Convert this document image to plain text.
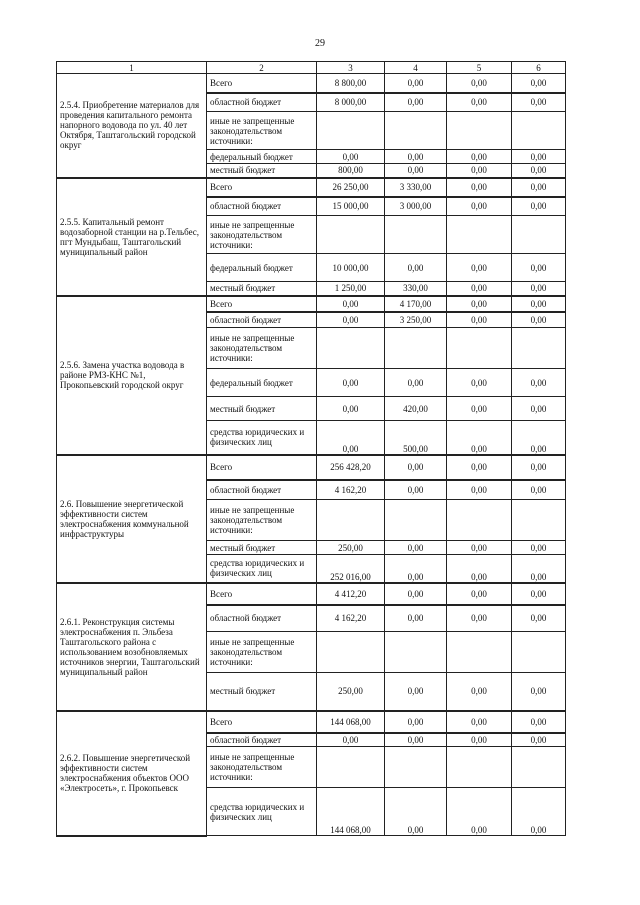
29
1	2	3	4	5	6
2.5.4. Приобретение материалов для проведения капитального ремонта напорного водовода по ул. 40 лет Октября, Таштагольский городской округ	Всего	8 800,00	0,00	0,00	0,00
	областной бюджет	8 000,00	0,00	0,00	0,00
	иные не запрещенные законодательством источники:				
	федеральный бюджет	0,00	0,00	0,00	0,00
	местный бюджет	800,00	0,00	0,00	0,00
2.5.5. Капитальный ремонт водозаборной станции на р.Тельбес, пгт Мундыбаш, Таштагольский муниципальный район	Всего	26 250,00	3 330,00	0,00	0,00
	областной бюджет	15 000,00	3 000,00	0,00	0,00
	иные не запрещенные законодательством источники:				
	федеральный бюджет	10 000,00	0,00	0,00	0,00
	местный бюджет	1 250,00	330,00	0,00	0,00
2.5.6. Замена участка водовода в районе РМЗ-КНС №1, Прокопьевский городской округ	Всего	0,00	4 170,00	0,00	0,00
	областной бюджет	0,00	3 250,00	0,00	0,00
	иные не запрещенные законодательством источники:				
	федеральный бюджет	0,00	0,00	0,00	0,00
	местный бюджет	0,00	420,00	0,00	0,00
	средства юридических и физических лиц	0,00	500,00	0,00	0,00
2.6. Повышение энергетической эффективности систем электроснабжения коммунальной инфраструктуры	Всего	256 428,20	0,00	0,00	0,00
	областной бюджет	4 162,20	0,00	0,00	0,00
	иные не запрещенные законодательством источники:				
	местный бюджет	250,00	0,00	0,00	0,00
	средства юридических и физических лиц	252 016,00	0,00	0,00	0,00
2.6.1. Реконструкция системы электроснабжения п. Эльбеза Таштагольского района с использованием возобновляемых источников энергии, Таштагольский муниципальный район	Всего	4 412,20	0,00	0,00	0,00
	областной бюджет	4 162,20	0,00	0,00	0,00
	иные не запрещенные законодательством источники:				
	местный бюджет	250,00	0,00	0,00	0,00
2.6.2. Повышение энергетической эффективности систем электроснабжения объектов ООО «Электросеть», г. Прокопьевск	Всего	144 068,00	0,00	0,00	0,00
	областной бюджет	0,00	0,00	0,00	0,00
	иные не запрещенные законодательством источники:				
	средства юридических и физических лиц	144 068,00	0,00	0,00	0,00
